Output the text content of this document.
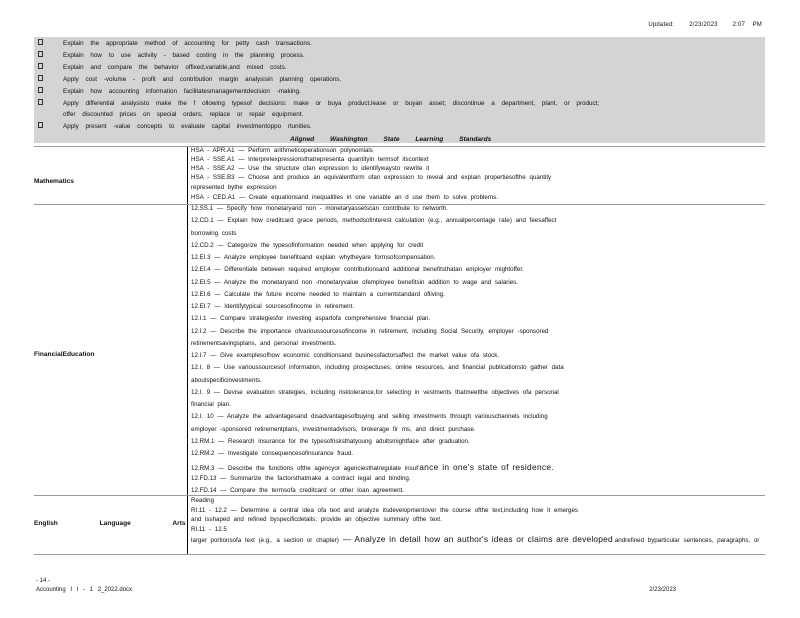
Updated:        2/23/2023        2:07    PM
Explain the appropriate method of accounting for petty cash transactions.
Explain how to use activity - based costing in the planning process.
Explain and compare the behavior offixed,variable,and mixed costs.
Apply cost -volume - profit and contribution margin analysisin planning operations.
Explain how accounting information facilitatesmanagementdecision -making.
Apply differential analysisto make the f ollowing typesof decisions: make or buya product,lease or buyan asset; discontinue a department, plant, or product;
offer discounted prices on special orders; replace or repair equipment.
Apply present -value concepts to evaluate capital investmentoppo rtunities.
Aligned Washington State Learning Standards
Mathematics
FinancialEducation
English Language Arts
HSA - APR.A1 — Perform arithmeticoperationson polynomials
HSA - SSE.A1 — Interpretexpressionsthatrepresenta quantityin termsof itscontext
HSA - SSE.A2 — Use the structure ofan expression to identifywaysto rewrite it
HSA - SSE.B3 — Choose and produce an equivalentform ofan expression to reveal and explain propertiesofthe quantity
represented bythe expression
HSA - CED.A1 — Create equationsand inequalities in one variable an d use them to solve problems.
12.SS.1 — Specify how monetaryand non - monetaryassetscan contribute to networth.
12.CD.1 — Explain how creditcard grace periods, methodsofinterest calculation (e.g., annualpercentage rate) and feesaffect
borrowing costs
12.CD.2 — Categorize the typesofinformation needed when applying for credit
12.EI.3 — Analyze employee benefitsand explain whytheyare formsofcompensation.
12.EI.4 — Differentiate between required employer contributionsand additional benefitsthatan employer mightoffer.
12.EI.5 — Analyze the monetaryand non -monetaryvalue ofemployee benefitsin addition to wage and salaries.
12.EI.6 — Calculate the future income needed to maintain a currentstandard ofliving.
12.EI.7 — Identifytypical sourcesofincome in retirement.
12.I.1 — Compare strategiesfor investing aspartofa comprehensive financial plan.
12.I.2 — Describe the importance ofvarioussourcesofincome in retirement, including Social Security, employer -sponsored
retirementsavingsplans, and personal investments.
12.I.7 — Give examplesofhow economic conditionsand businessfactorsaffect the market value ofa stock.
12.I. 8 — Use varioussourcesof information, including prospectuses, online resources, and financial publicationsto gather data
aboutspecificinvestments.
12.I. 9 — Devise evaluation strategies, including risktolerance,for selecting in vestments thatmeetthe objectives ofa personal
financial plan.
12.I. 10 — Analyze the advantagesand disadvantagesofbuying and selling investments through variouschannels including
employer -sponsored retirementplans, investmentadvisors, brokerage fir ms, and direct purchase.
12.RM.1 — Research insurance for the typesofrisksthatyoung adultsmightface after graduation.
12.RM.2 — Investigate consequencesofinsurance fraud.
12.RM.3 — Describe the functions ofthe agencyor agenciesthatregulate insurance in one's state of residence.
12.FD.13 — Summarize the factorsthatmake a contract legal and binding.
12.FD.14 — Compare the termsofa creditcard or other loan agreement.
Reading
RI.11 - 12.2 — Determine a central idea ofa text and analyze itsdevelopmentover the course ofthe text,including how it emerges
and isshaped and refined byspecificdetails; provide an objective summary ofthe text.
RI.11 - 12.5
larger portionsofa text (e.g., a section or chapter) — Analyze in detail how an author's ideas or claims are developed andrefined byparticular sentences, paragraphs, or
- 14 -
Accounting I I - 1 2_2022.docx	2/23/2023
